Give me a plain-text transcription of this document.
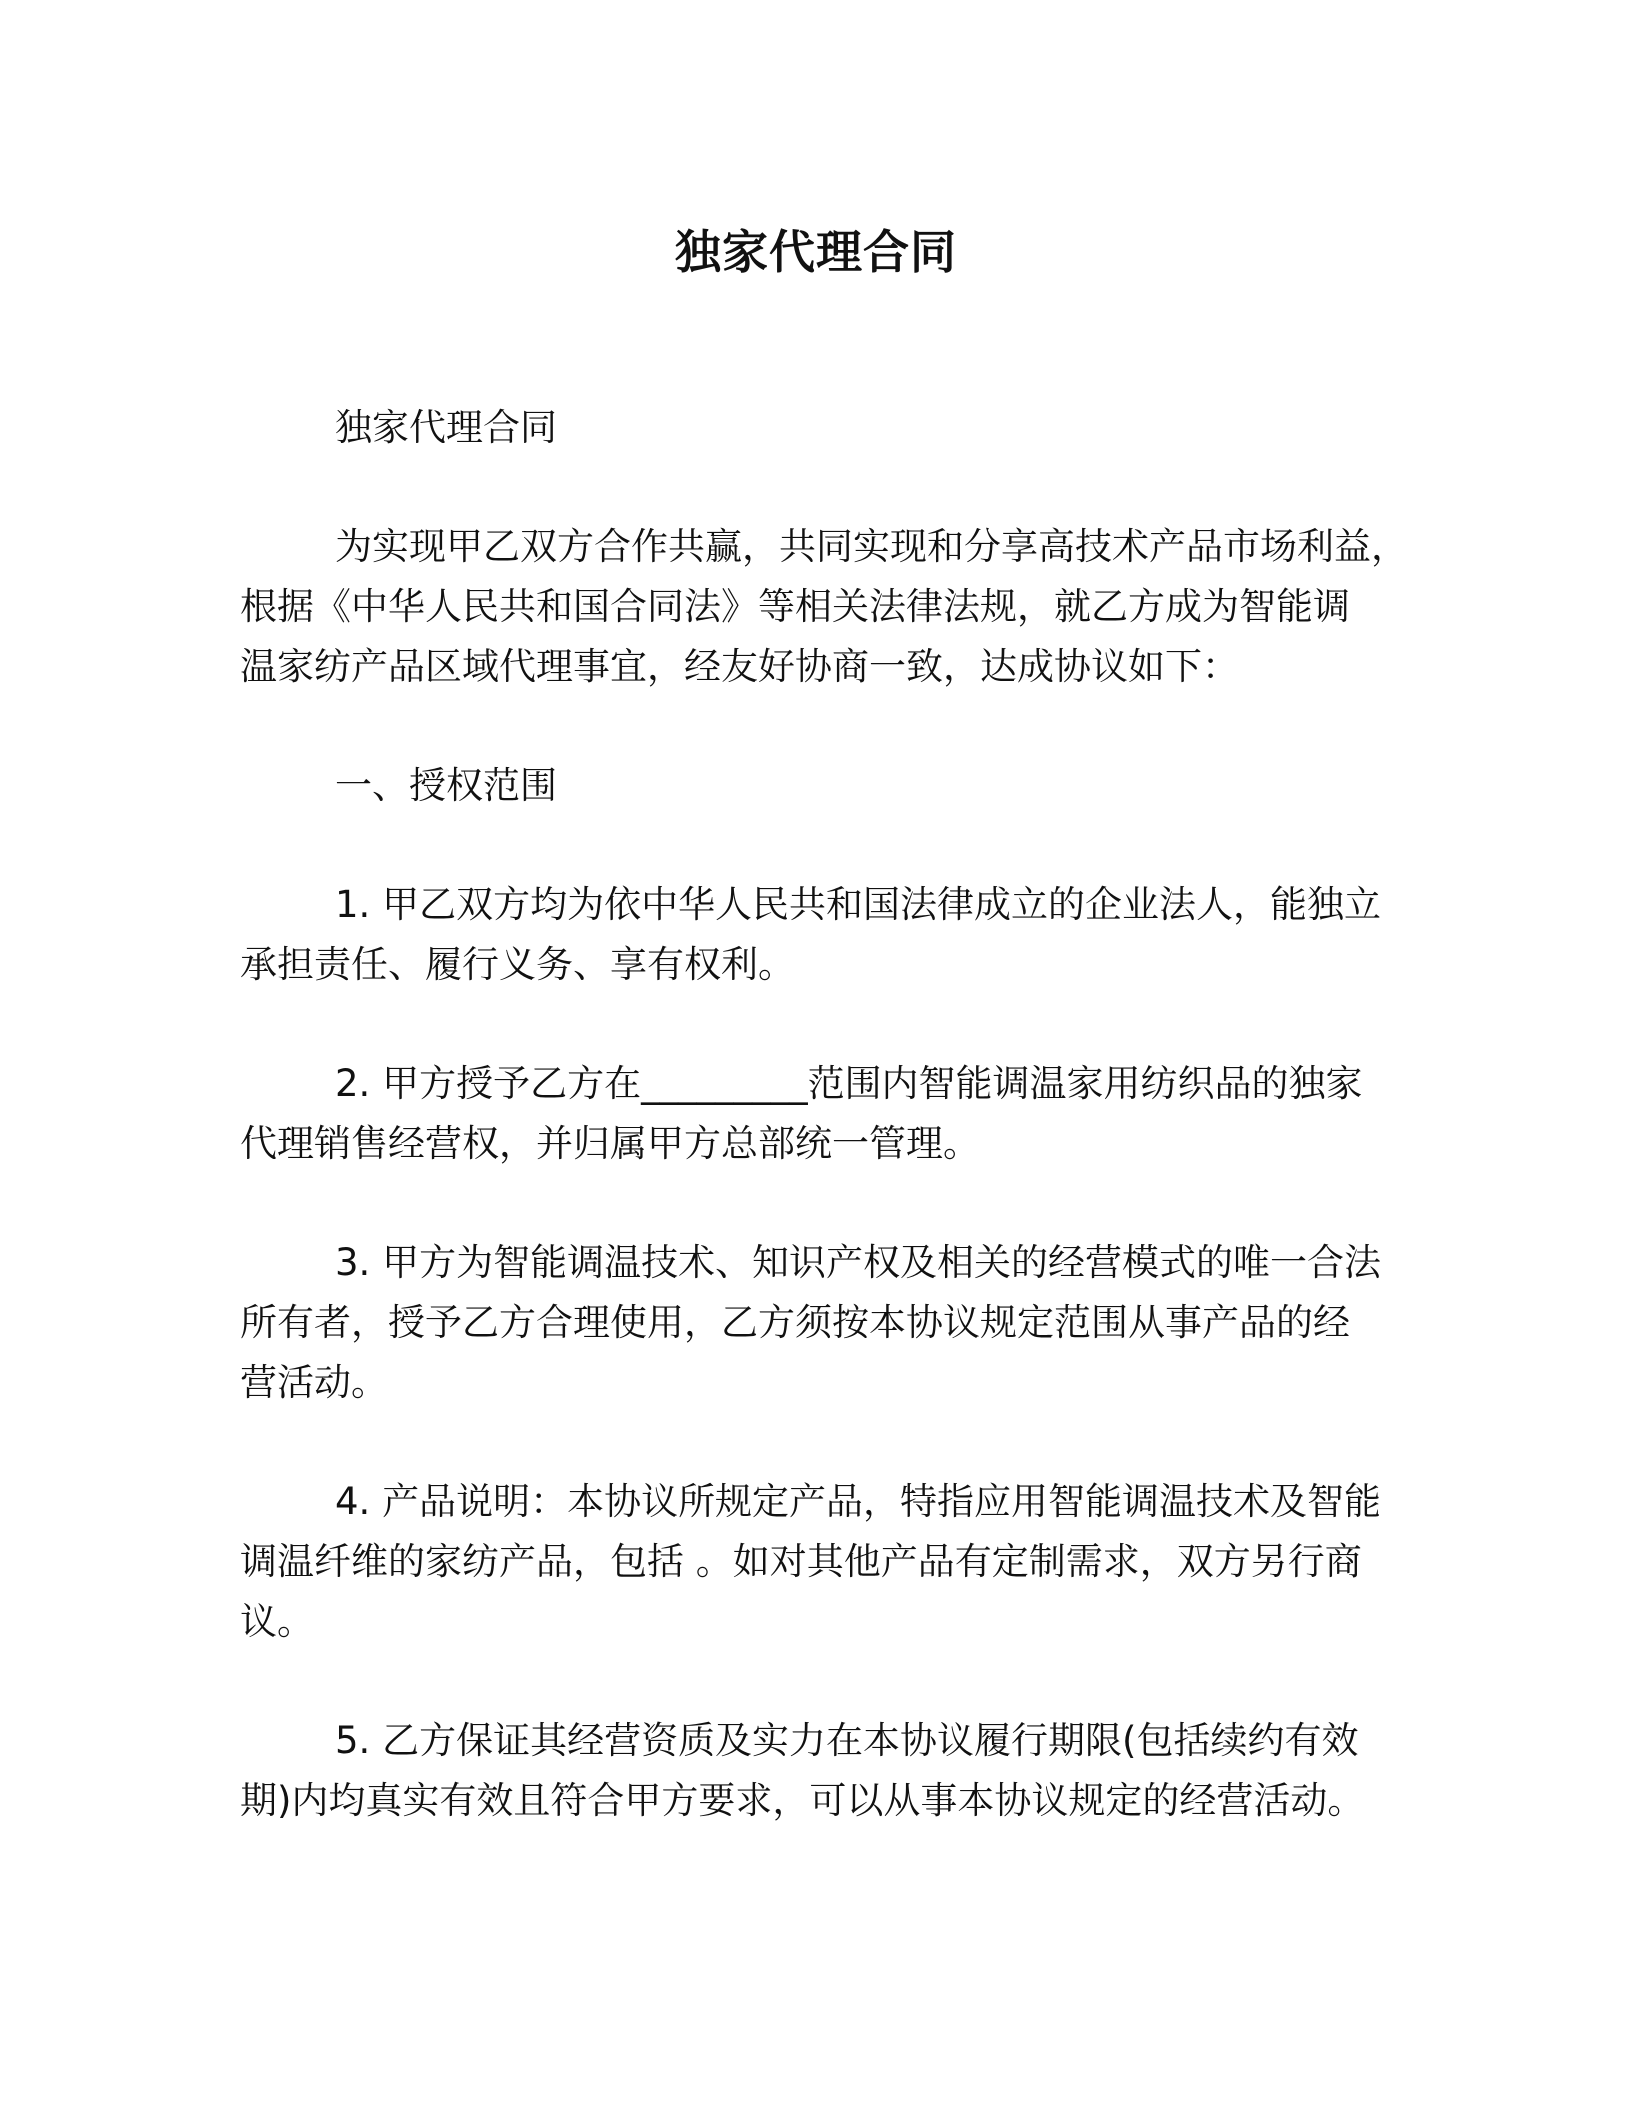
独家代理合同

独家代理合同

为实现甲乙双方合作共赢，共同实现和分享高技术产品市场利益，
根据《中华人民共和国合同法》等相关法律法规，就乙方成为智能调
温家纺产品区域代理事宜，经友好协商一致，达成协议如下：

一、授权范围

1. 甲乙双方均为依中华人民共和国法律成立的企业法人，能独立
承担责任、履行义务、享有权利。

2. 甲方授予乙方在_________范围内智能调温家用纺织品的独家
代理销售经营权，并归属甲方总部统一管理。

3. 甲方为智能调温技术、知识产权及相关的经营模式的唯一合法
所有者，授予乙方合理使用，乙方须按本协议规定范围从事产品的经
营活动。

4. 产品说明：本协议所规定产品，特指应用智能调温技术及智能
调温纤维的家纺产品，包括 。如对其他产品有定制需求，双方另行商
议。

5. 乙方保证其经营资质及实力在本协议履行期限(包括续约有效
期)内均真实有效且符合甲方要求，可以从事本协议规定的经营活动。
